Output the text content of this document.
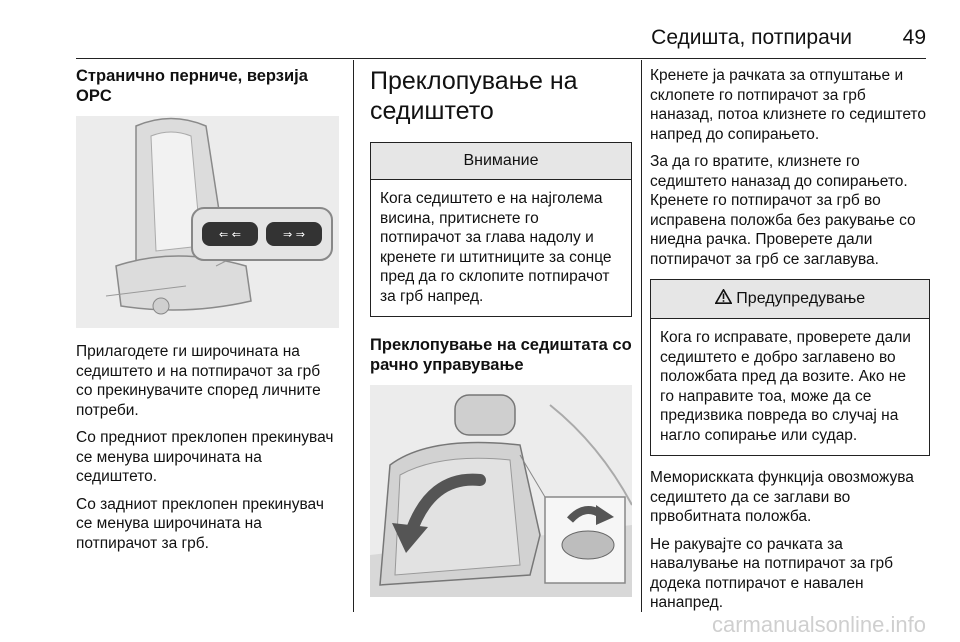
Седишта, потпирачи 49
Странично перниче, верзија OPC
⇐ ⇐	⇒ ⇒
Прилагодете ги широчината на седиштето и на потпирачот за грб со прекинувачите според личните потреби.
Со предниот преклопен прекинувач се менува широчината на седиштето.
Со задниот преклопен прекинувач се менува широчината на потпирачот за грб.
Преклопување на седиштето
Внимание
Кога седиштето е на најголема висина, притиснете го потпирачот за глава надолу и кренете ги штитниците за сонце пред да го склопите потпирачот за грб напред.
Преклопување на седиштата со рачно управување
Кренете ја рачката за отпуштање и склопете го потпирачот за грб наназад, потоа клизнете го седиштето напред до сопирањето.
За да го вратите, клизнете го седиштето наназад до сопирањето. Кренете го потпирачот за грб во исправена положба без ракување со ниедна рачка. Проверете дали потпирачот за грб се заглавува.
Предупредување
Кога го исправате, проверете дали седиштето е добро заглавено во положбата пред да возите. Ако не го направите тоа, може да се предизвика повреда во случај на нагло сопирање или судар.
Меморискката функција овозможува седиштето да се заглави во првобитната положба.
Не ракувајте со рачката за навалување на потпирачот за грб додека потпирачот е навален нанапред.
carmanualsonline.info
